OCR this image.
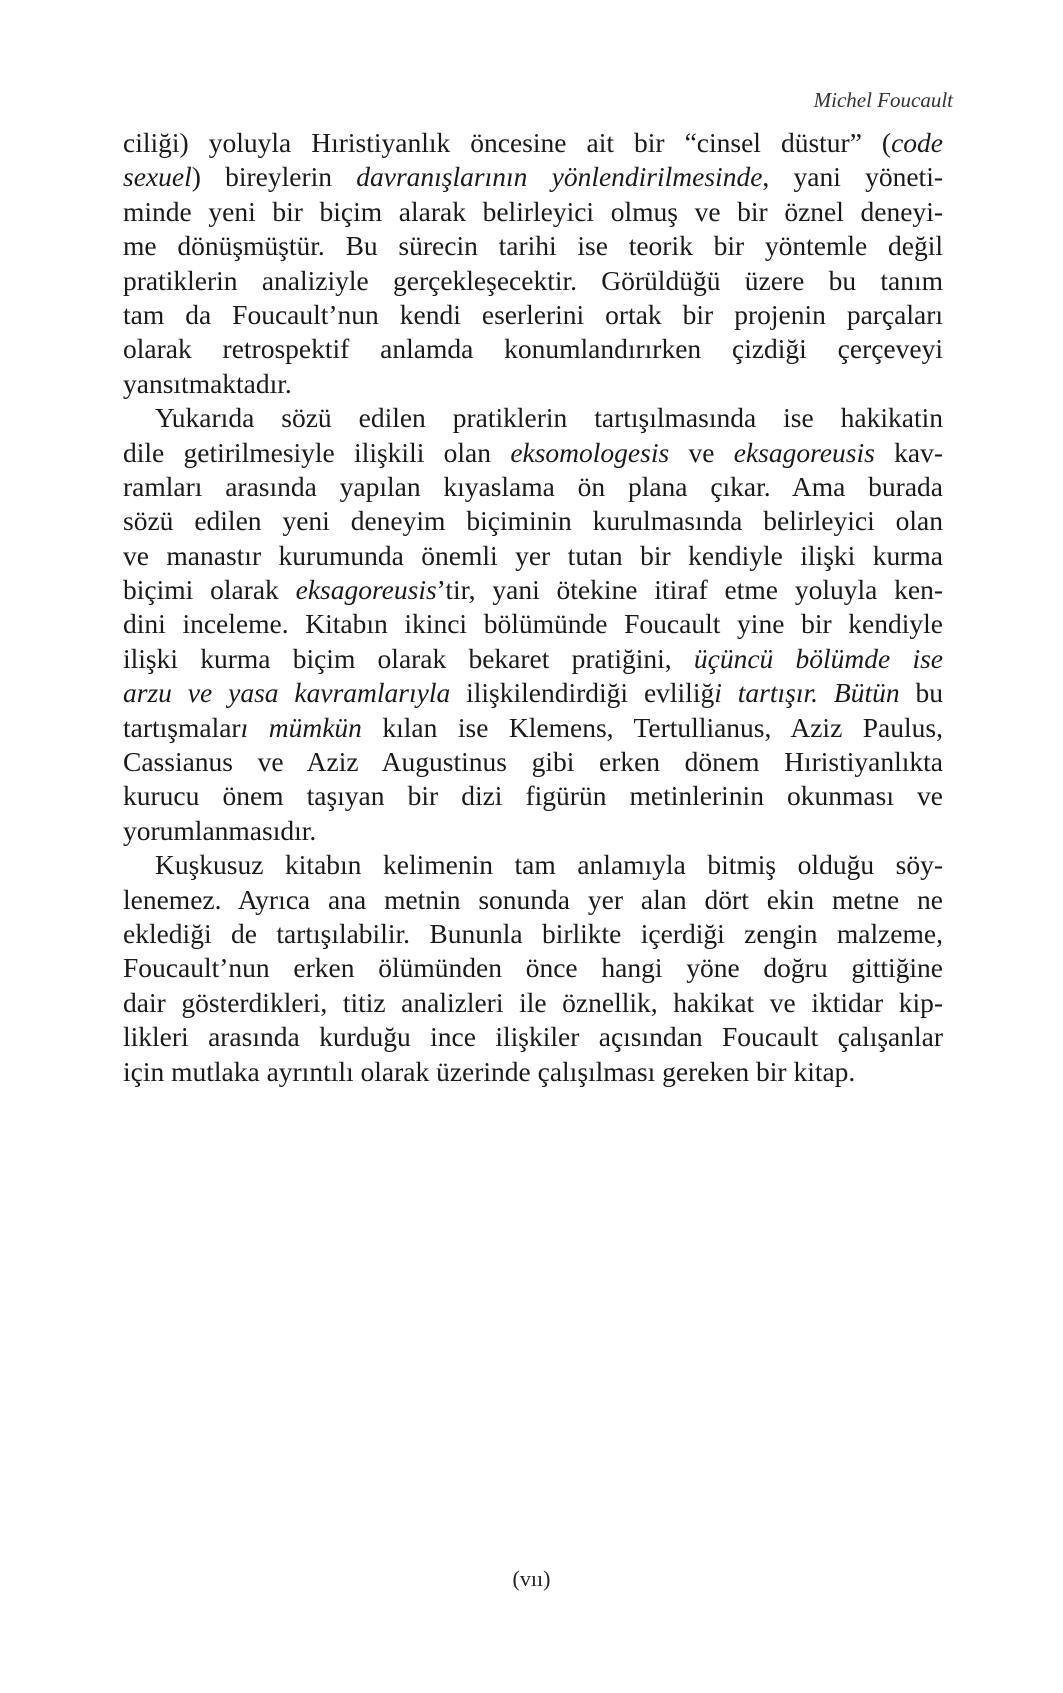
Michel Foucault
ciliği) yoluyla Hıristiyanlık öncesine ait bir “cinsel düstur” (code
sexuel) bireylerin davranışlarının yönlendirilmesinde, yani yöneti-
minde yeni bir biçim alarak belirleyici olmuş ve bir öznel deneyi-
me dönüşmüştür. Bu sürecin tarihi ise teorik bir yöntemle değil
pratiklerin analiziyle gerçekleşecektir. Görüldüğü üzere bu tanım
tam da Foucault’nun kendi eserlerini ortak bir projenin parçaları
olarak retrospektif anlamda konumlandırırken çizdiği çerçeveyi
yansıtmaktadır.
Yukarıda sözü edilen pratiklerin tartışılmasında ise hakikatin
dile getirilmesiyle ilişkili olan eksomologesis ve eksagoreusis kav-
ramları arasında yapılan kıyaslama ön plana çıkar. Ama burada
sözü edilen yeni deneyim biçiminin kurulmasında belirleyici olan
ve manastır kurumunda önemli yer tutan bir kendiyle ilişki kurma
biçimi olarak eksagoreusis’tir, yani ötekine itiraf etme yoluyla ken-
dini inceleme. Kitabın ikinci bölümünde Foucault yine bir kendiyle
ilişki kurma biçim olarak bekaret pratiğini, üçüncü bölümde ise
arzu ve yasa kavramlarıyla ilişkilendirdiği evliliği tartışır. Bütün bu
tartışmaları mümkün kılan ise Klemens, Tertullianus, Aziz Paulus,
Cassianus ve Aziz Augustinus gibi erken dönem Hıristiyanlıkta
kurucu önem taşıyan bir dizi figürün metinlerinin okunması ve
yorumlanmasıdır.
Kuşkusuz kitabın kelimenin tam anlamıyla bitmiş olduğu söy-
lenemez. Ayrıca ana metnin sonunda yer alan dört ekin metne ne
eklediği de tartışılabilir. Bununla birlikte içerdiği zengin malzeme,
Foucault’nun erken ölümünden önce hangi yöne doğru gittiğine
dair gösterdikleri, titiz analizleri ile öznellik, hakikat ve iktidar kip-
likleri arasında kurduğu ince ilişkiler açısından Foucault çalışanlar
için mutlaka ayrıntılı olarak üzerinde çalışılması gereken bir kitap.
(vıı)
